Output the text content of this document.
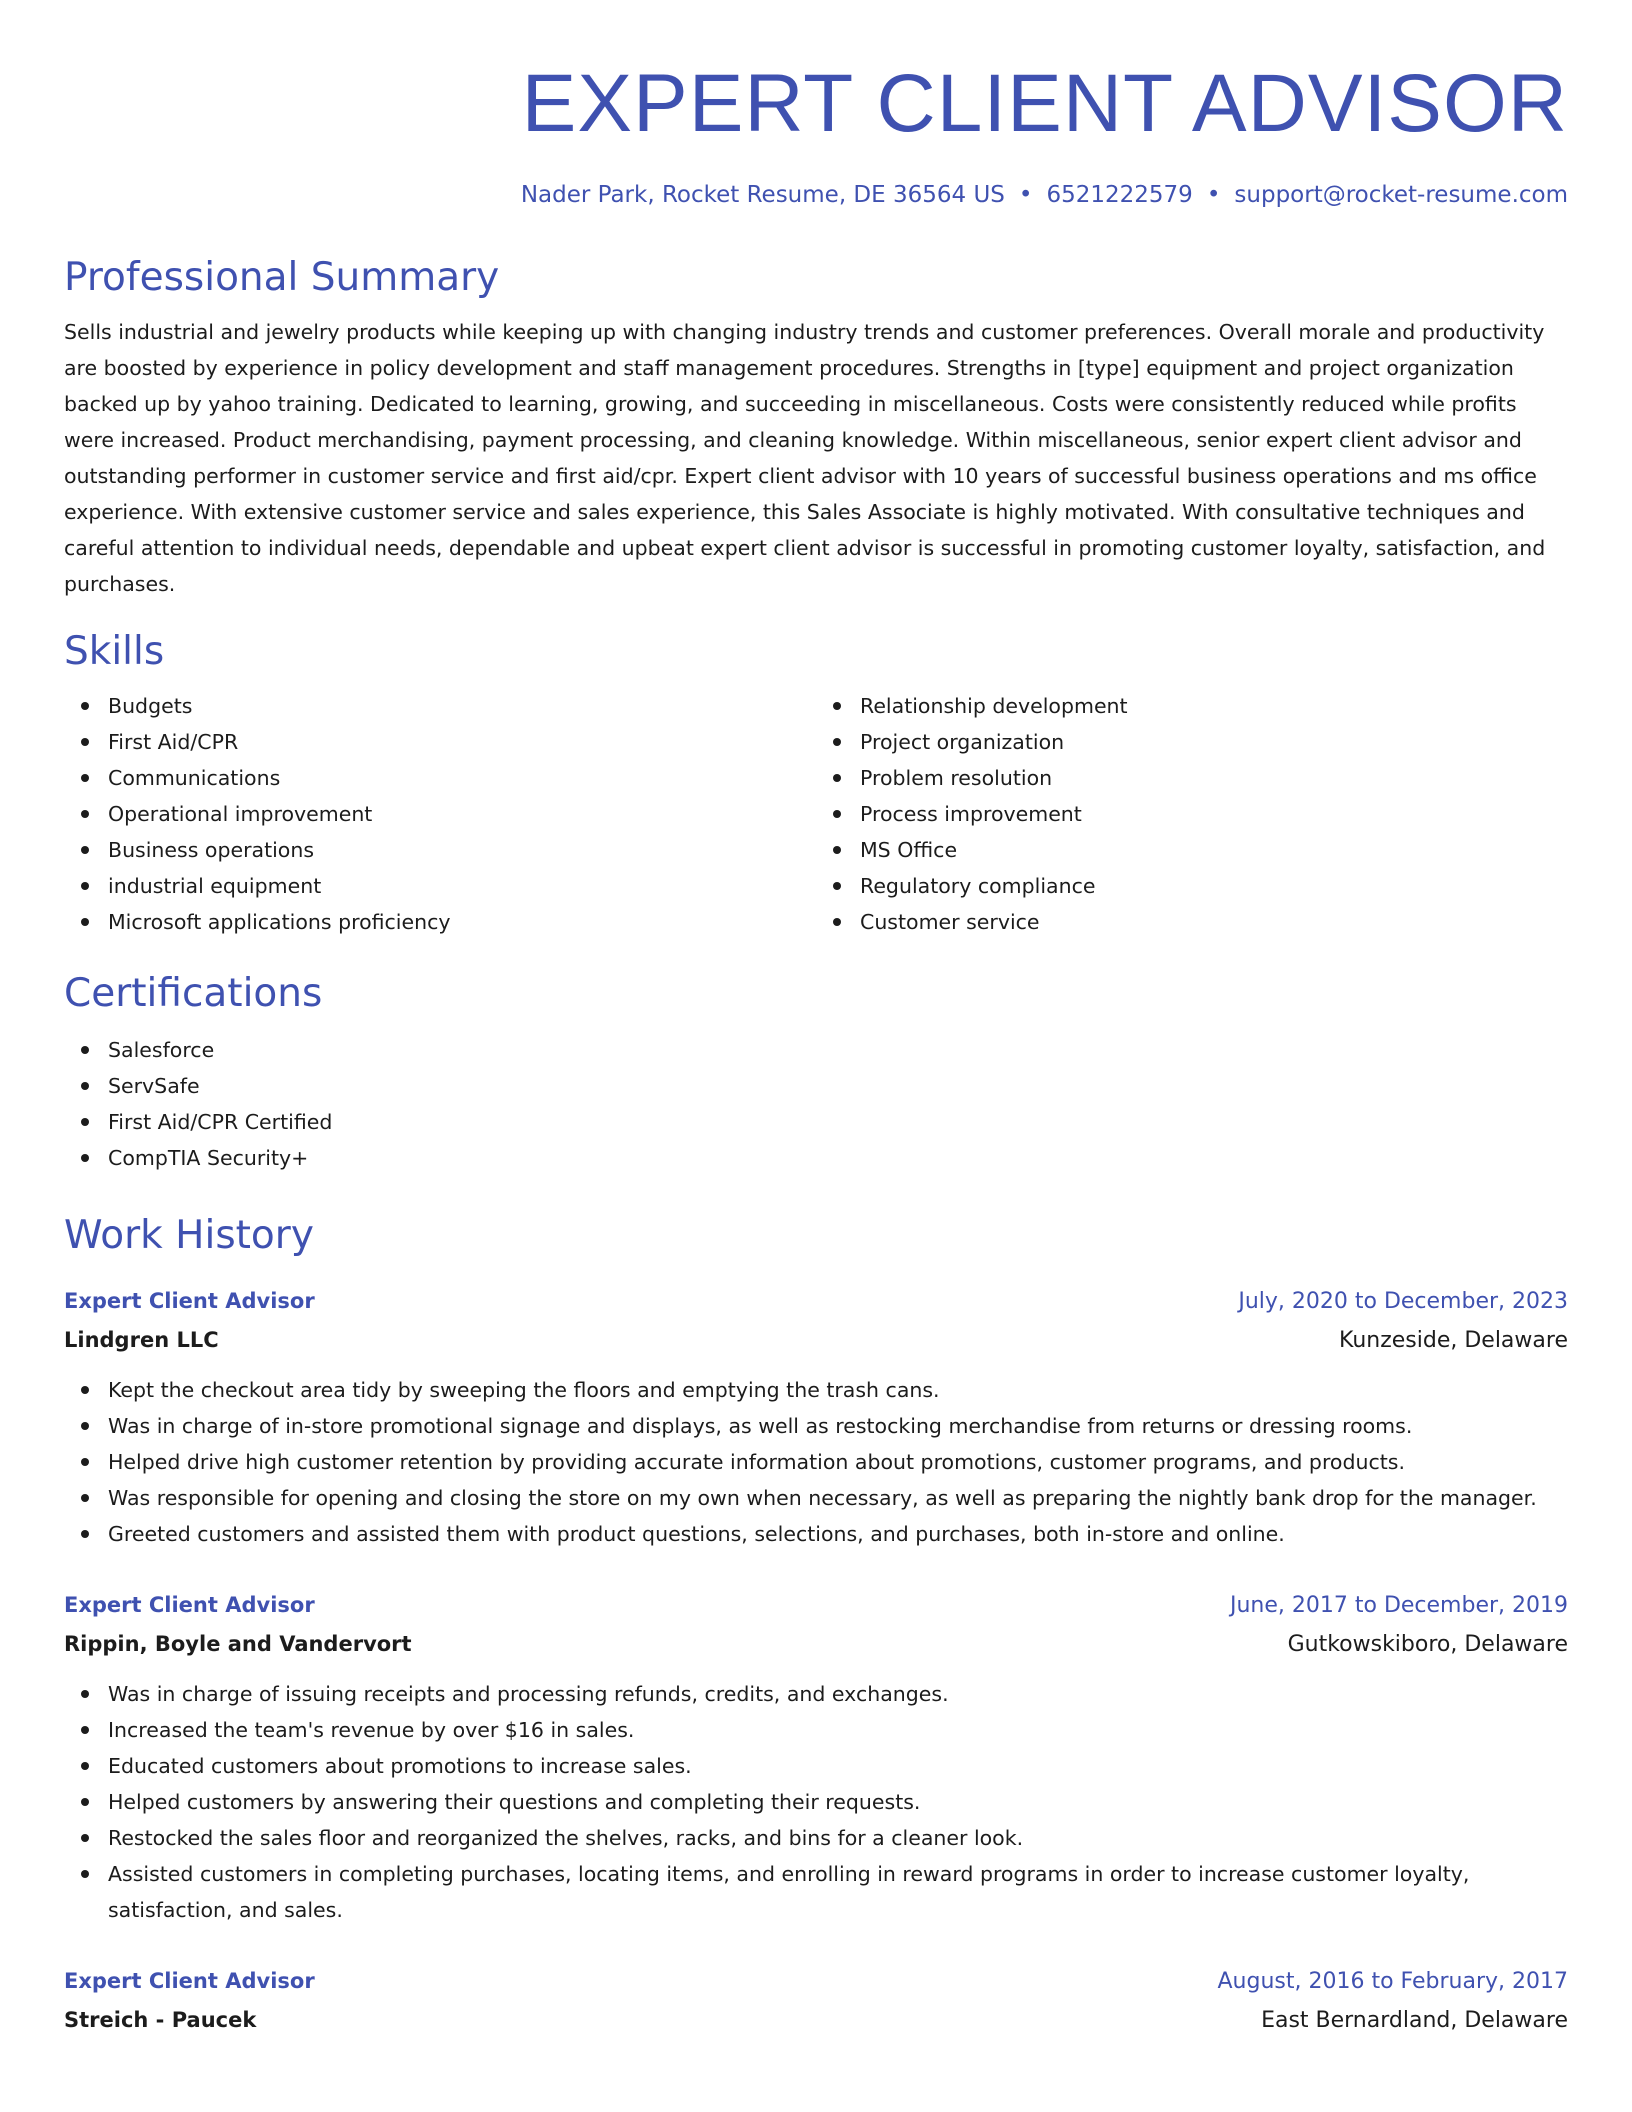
EXPERT CLIENT ADVISOR
Nader Park, Rocket Resume, DE 36564 US • 6521222579 • support@rocket-resume.com
Professional Summary

Sells industrial and jewelry products while keeping up with changing industry trends and customer preferences. Overall morale and productivity are boosted by experience in policy development and staff management procedures. Strengths in [type] equipment and project organization backed up by yahoo training. Dedicated to learning, growing, and succeeding in miscellaneous. Costs were consistently reduced while profits were increased. Product merchandising, payment processing, and cleaning knowledge. Within miscellaneous, senior expert client advisor and outstanding performer in customer service and first aid/cpr. Expert client advisor with 10 years of successful business operations and ms office experience. With extensive customer service and sales experience, this Sales Associate is highly motivated. With consultative techniques and careful attention to individual needs, dependable and upbeat expert client advisor is successful in promoting customer loyalty, satisfaction, and purchases.

Skills
Budgets
First Aid/CPR
Communications
Operational improvement
Business operations
industrial equipment
Microsoft applications proficiency
Relationship development
Project organization
Problem resolution
Process improvement
MS Office
Regulatory compliance
Customer service
Certifications
Salesforce
ServSafe
First Aid/CPR Certified
CompTIA Security+
Work History
Expert Client Advisor	July, 2020 to December, 2023
Lindgren LLC	Kunzeside, Delaware
Kept the checkout area tidy by sweeping the floors and emptying the trash cans.
Was in charge of in-store promotional signage and displays, as well as restocking merchandise from returns or dressing rooms.
Helped drive high customer retention by providing accurate information about promotions, customer programs, and products.
Was responsible for opening and closing the store on my own when necessary, as well as preparing the nightly bank drop for the manager.
Greeted customers and assisted them with product questions, selections, and purchases, both in-store and online.
Expert Client Advisor	June, 2017 to December, 2019
Rippin, Boyle and Vandervort	Gutkowskiboro, Delaware
Was in charge of issuing receipts and processing refunds, credits, and exchanges.
Increased the team's revenue by over $16 in sales.
Educated customers about promotions to increase sales.
Helped customers by answering their questions and completing their requests.
Restocked the sales floor and reorganized the shelves, racks, and bins for a cleaner look.
Assisted customers in completing purchases, locating items, and enrolling in reward programs in order to increase customer loyalty, satisfaction, and sales.
Expert Client Advisor	August, 2016 to February, 2017
Streich - Paucek	East Bernardland, Delaware
